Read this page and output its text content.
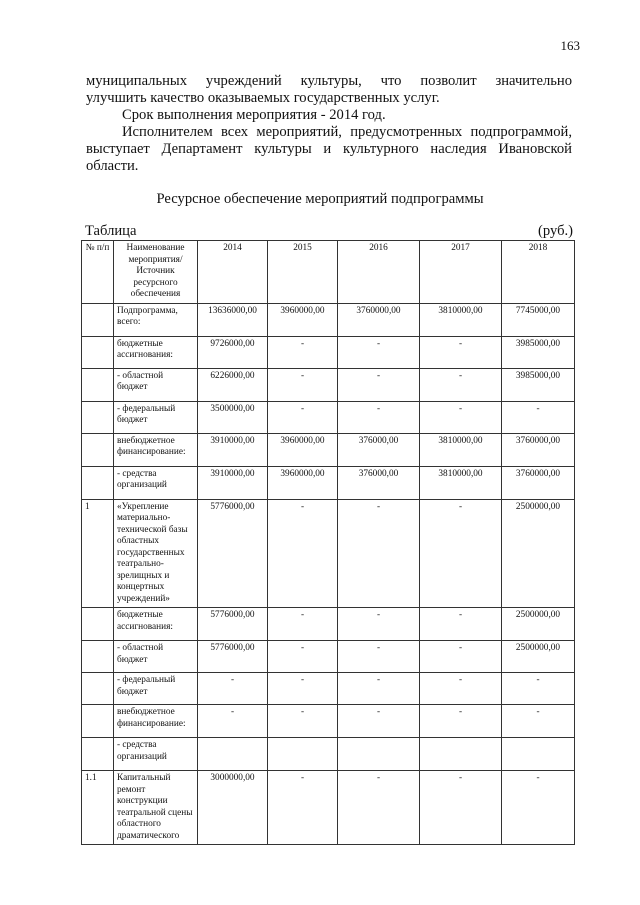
163
муниципальных учреждений культуры, что позволит значительно
улучшить качество оказываемых государственных услуг.
Срок выполнения мероприятия - 2014 год.
Исполнителем всех мероприятий, предусмотренных подпрограммой,
выступает Департамент культуры и культурного наследия Ивановской
области.
Ресурсное обеспечение мероприятий подпрограммы
Таблица	(руб.)
№ п/п	Наименование мероприятия/ Источник ресурсного обеспечения	2014	2015	2016	2017	2018
	Подпрограмма, всего:	13636000,00	3960000,00	3760000,00	3810000,00	7745000,00
	бюджетные ассигнования:	9726000,00	-	-	-	3985000,00
	- областной бюджет	6226000,00	-	-	-	3985000,00
	- федеральный бюджет	3500000,00	-	-	-	-
	внебюджетное финансирование:	3910000,00	3960000,00	376000,00	3810000,00	3760000,00
	- средства организаций	3910000,00	3960000,00	376000,00	3810000,00	3760000,00
1	«Укрепление материально-технической базы областных государственных театрально-зрелищных и концертных учреждений»	5776000,00	-	-	-	2500000,00
	бюджетные ассигнования:	5776000,00	-	-	-	2500000,00
	- областной бюджет	5776000,00	-	-	-	2500000,00
	- федеральный бюджет	-	-	-	-	-
	внебюджетное финансирование:	-	-	-	-	-
	- средства организаций					
1.1	Капитальный ремонт конструкции театральной сцены областного драматического	3000000,00	-	-	-	-
